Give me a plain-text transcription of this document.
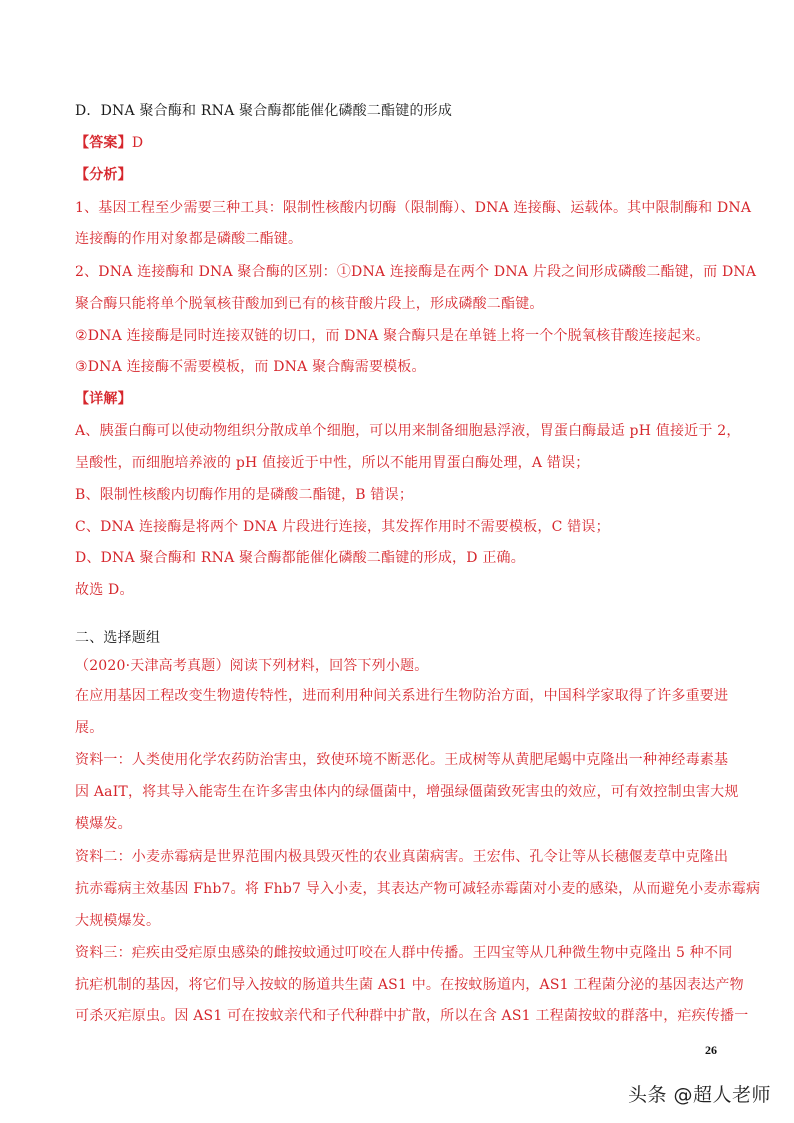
D．DNA 聚合酶和 RNA 聚合酶都能催化磷酸二酯键的形成
【答案】D
【分析】
1、基因工程至少需要三种工具：限制性核酸内切酶（限制酶）、DNA 连接酶、运载体。其中限制酶和 DNA
连接酶的作用对象都是磷酸二酯键。
2、DNA 连接酶和 DNA 聚合酶的区别：①DNA 连接酶是在两个 DNA 片段之间形成磷酸二酯键，而 DNA
聚合酶只能将单个脱氧核苷酸加到已有的核苷酸片段上，形成磷酸二酯键。
②DNA 连接酶是同时连接双链的切口，而 DNA 聚合酶只是在单链上将一个个脱氧核苷酸连接起来。
③DNA 连接酶不需要模板，而 DNA 聚合酶需要模板。
【详解】
A、胰蛋白酶可以使动物组织分散成单个细胞，可以用来制备细胞悬浮液，胃蛋白酶最适 pH 值接近于 2，
呈酸性，而细胞培养液的 pH 值接近于中性，所以不能用胃蛋白酶处理，A 错误；
B、限制性核酸内切酶作用的是磷酸二酯键，B 错误；
C、DNA 连接酶是将两个 DNA 片段进行连接，其发挥作用时不需要模板，C 错误；
D、DNA 聚合酶和 RNA 聚合酶都能催化磷酸二酯键的形成，D 正确。
故选 D。
二、选择题组
（2020·天津高考真题）阅读下列材料，回答下列小题。
在应用基因工程改变生物遗传特性，进而利用种间关系进行生物防治方面，中国科学家取得了许多重要进
展。
资料一：人类使用化学农药防治害虫，致使环境不断恶化。王成树等从黄肥尾蝎中克隆出一种神经毒素基
因 AaIT，将其导入能寄生在许多害虫体内的绿僵菌中，增强绿僵菌致死害虫的效应，可有效控制虫害大规
模爆发。
资料二：小麦赤霉病是世界范围内极具毁灭性的农业真菌病害。王宏伟、孔令让等从长穗偃麦草中克隆出
抗赤霉病主效基因 Fhb7。将 Fhb7 导入小麦，其表达产物可减轻赤霉菌对小麦的感染，从而避免小麦赤霉病
大规模爆发。
资料三：疟疾由受疟原虫感染的雌按蚊通过叮咬在人群中传播。王四宝等从几种微生物中克隆出 5 种不同
抗疟机制的基因，将它们导入按蚊的肠道共生菌 AS1 中。在按蚊肠道内，AS1 工程菌分泌的基因表达产物
可杀灭疟原虫。因 AS1 可在按蚊亲代和子代种群中扩散，所以在含 AS1 工程菌按蚊的群落中，疟疾传播一
26
头条 @超人老师
